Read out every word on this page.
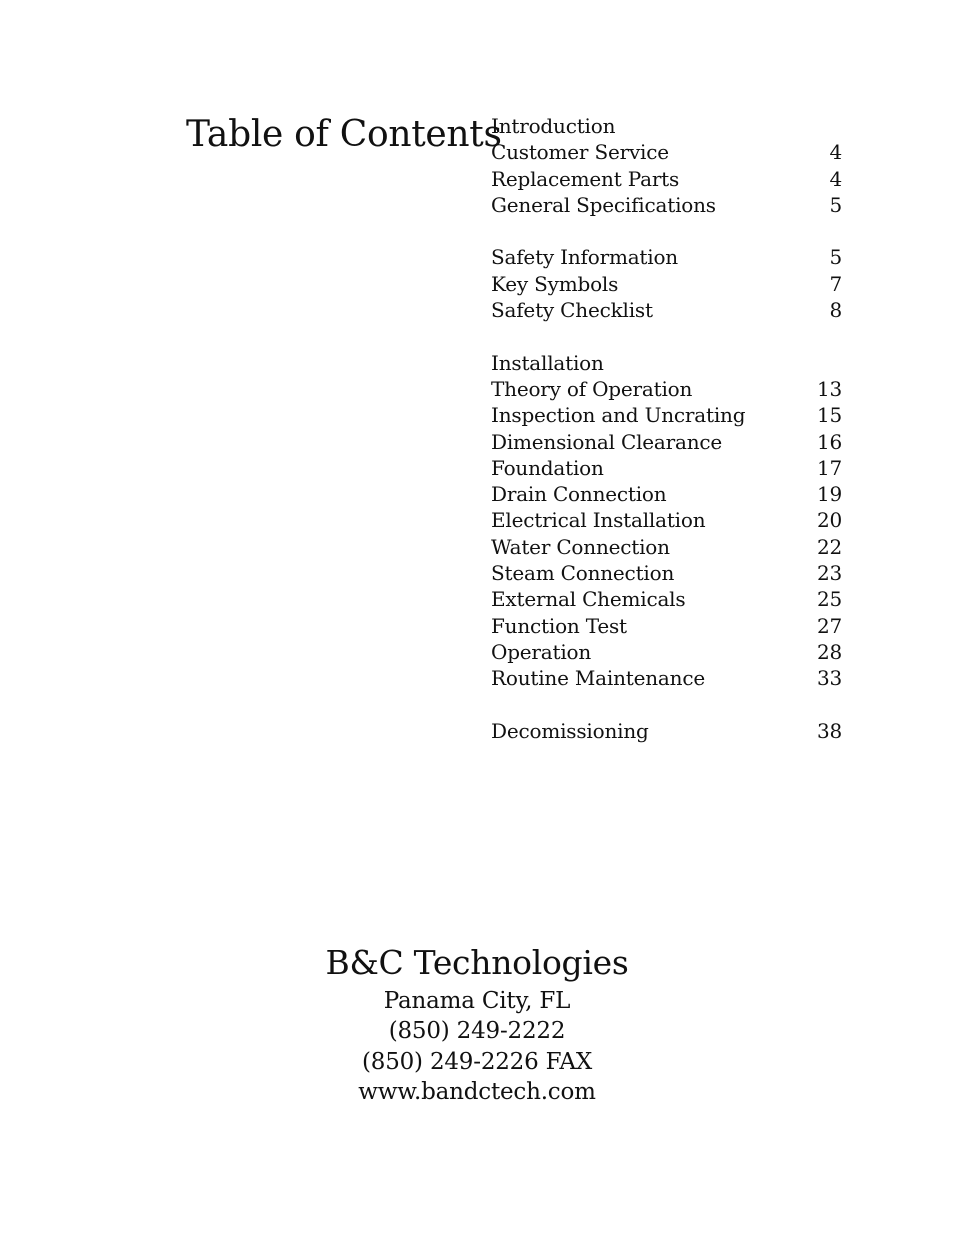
Table of Contents
Introduction
Customer Service	4
Replacement Parts	4
General Specifications	5
Safety Information	5
Key Symbols	7
Safety Checklist	8
Installation
Theory of Operation	13
Inspection and Uncrating	15
Dimensional Clearance	16
Foundation	17
Drain Connection	19
Electrical Installation	20
Water Connection	22
Steam Connection	23
External Chemicals	25
Function Test	27
Operation	28
Routine Maintenance	33
Decomissioning	38
B&C Technologies
Panama City, FL
(850) 249-2222
(850) 249-2226 FAX
www.bandctech.com
